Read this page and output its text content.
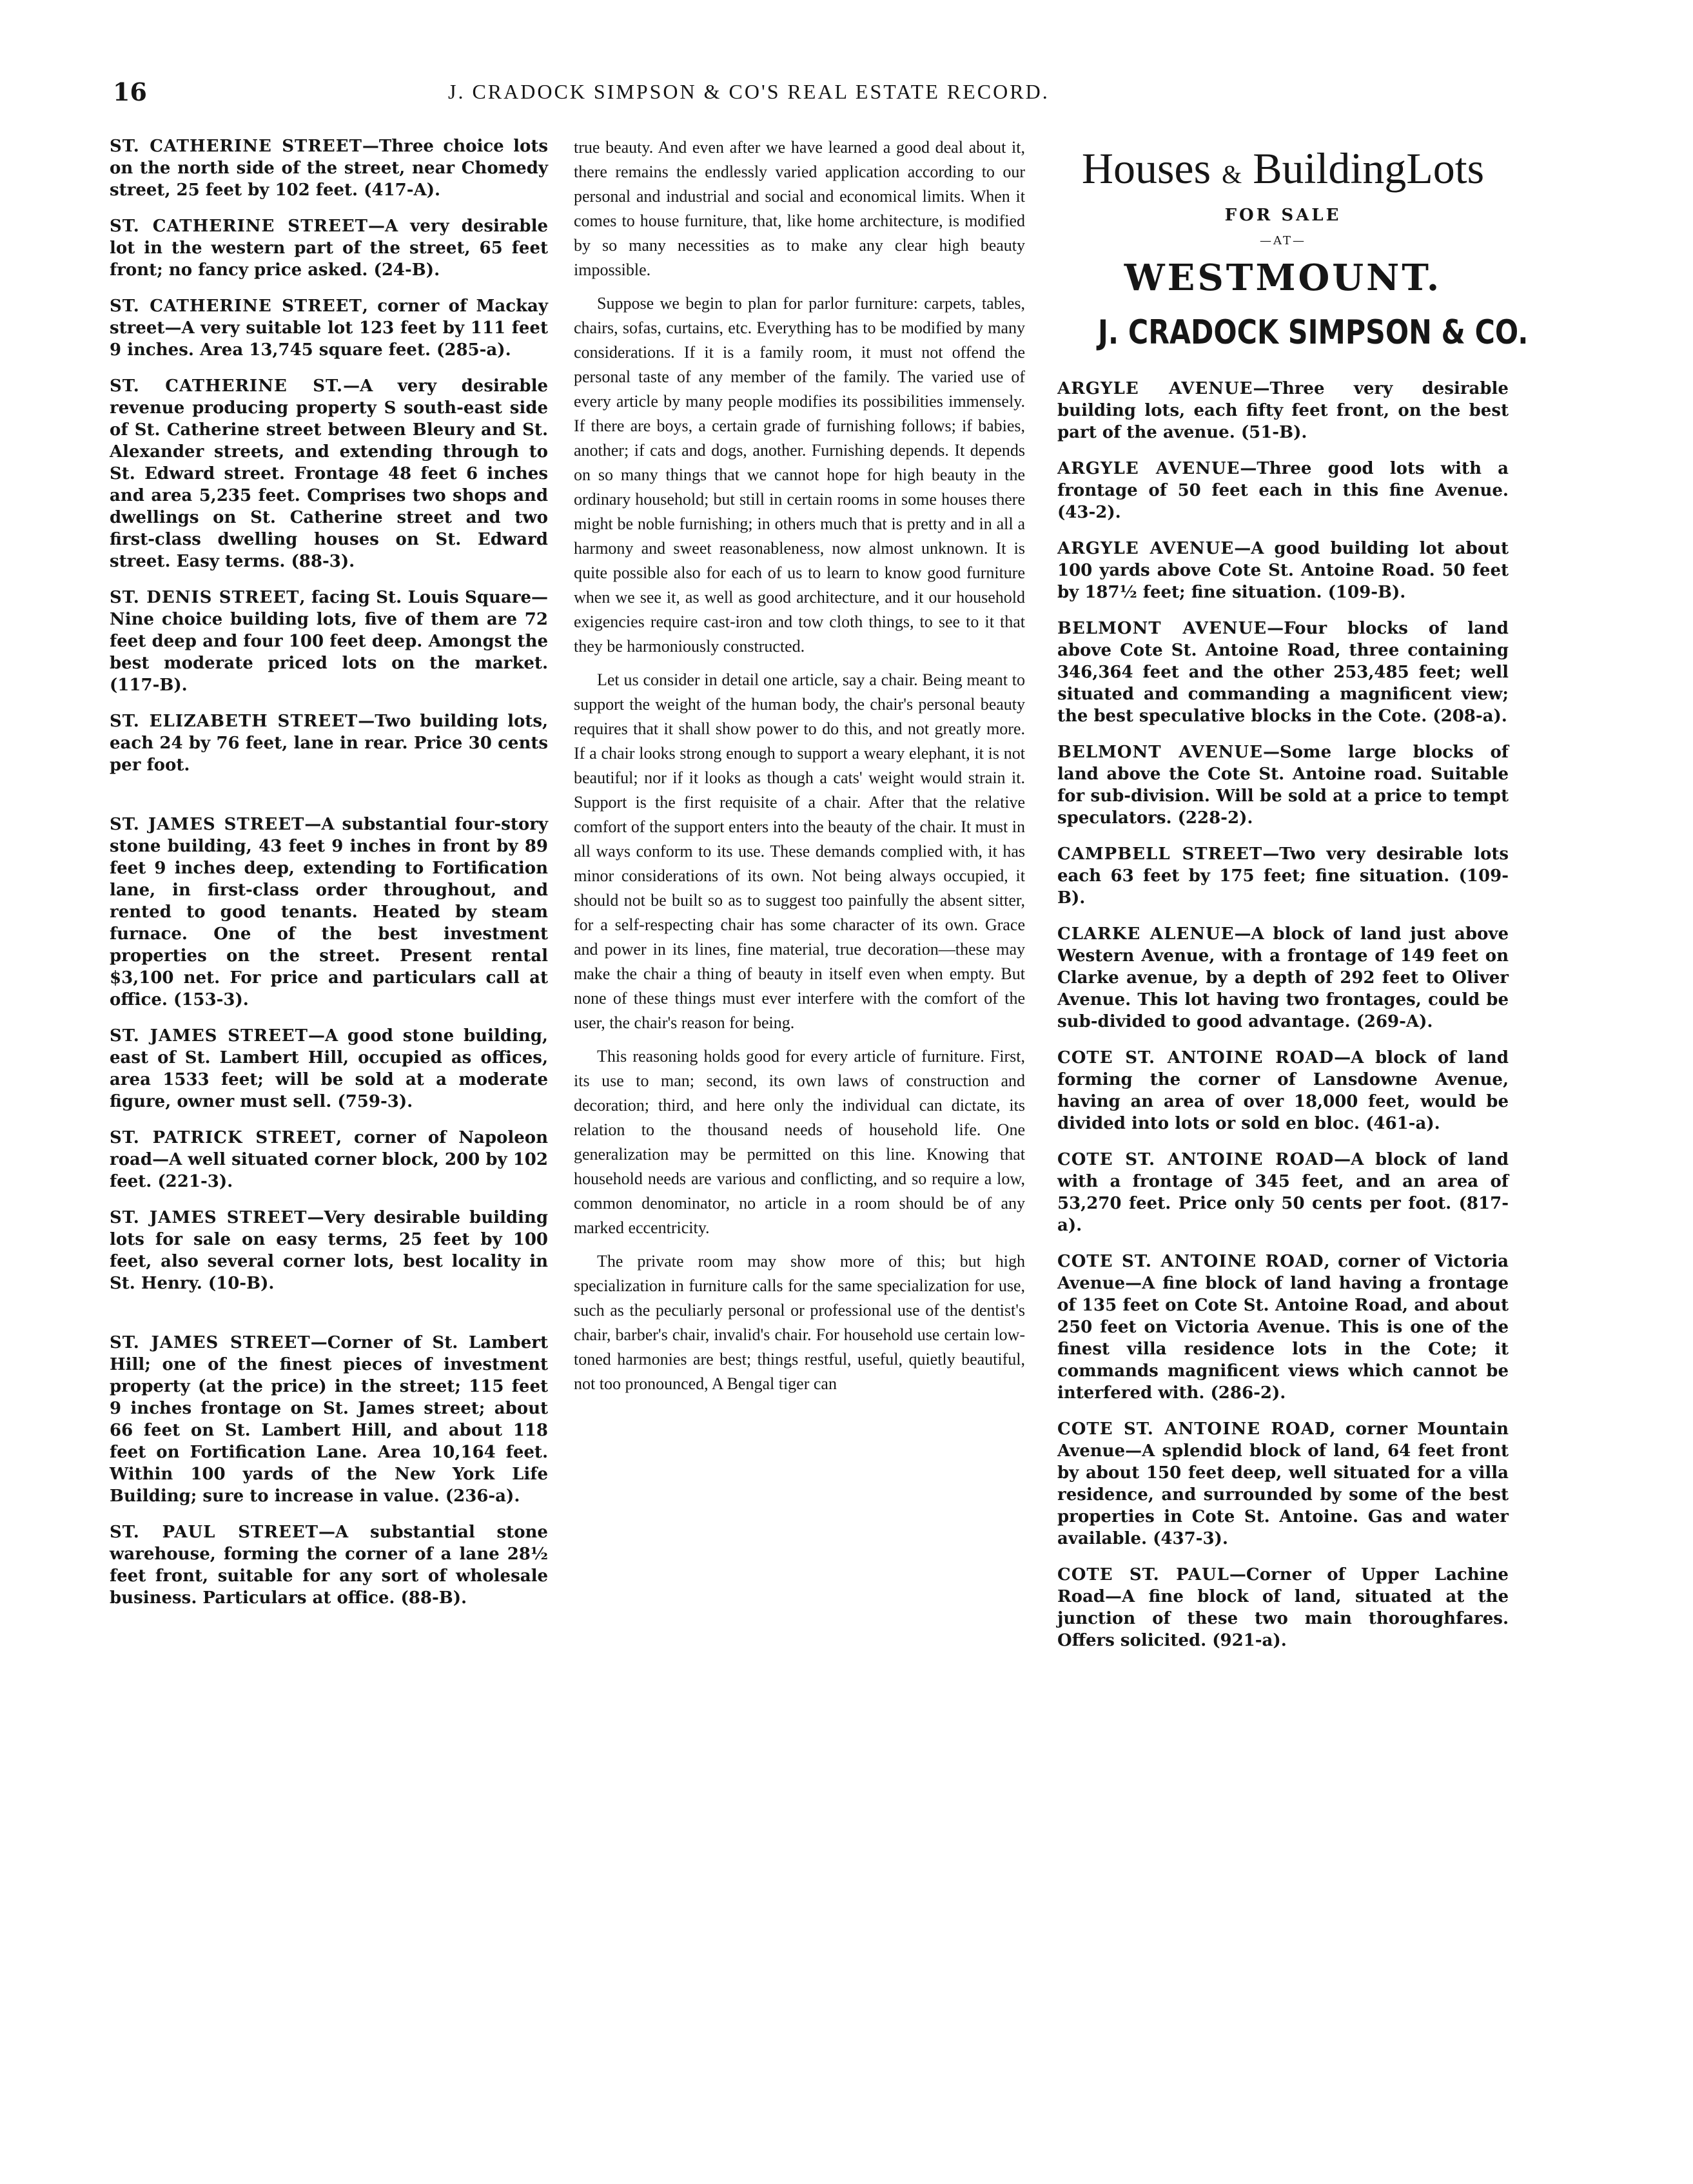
16	J. CRADOCK SIMPSON & CO'S REAL ESTATE RECORD.

ST. CATHERINE STREET—Three choice lots on the north side of the street, near Chomedy street, 25 feet by 102 feet. (417-A).

ST. CATHERINE STREET—A very desirable lot in the western part of the street, 65 feet front; no fancy price asked. (24-B).

ST. CATHERINE STREET, corner of Mackay street—A very suitable lot 123 feet by 111 feet 9 inches. Area 13,745 square feet. (285-a).

ST. CATHERINE ST.—A very desirable revenue producing property S south-east side of St. Catherine street between Bleury and St. Alexander streets, and extending through to St. Edward street. Frontage 48 feet 6 inches and area 5,235 feet. Comprises two shops and dwellings on St. Catherine street and two first-class dwelling houses on St. Edward street. Easy terms. (88-3).

ST. DENIS STREET, facing St. Louis Square—Nine choice building lots, five of them are 72 feet deep and four 100 feet deep. Amongst the best moderate priced lots on the market. (117-B).

ST. ELIZABETH STREET—Two building lots, each 24 by 76 feet, lane in rear. Price 30 cents per foot.

ST. JAMES STREET—A substantial four-story stone building, 43 feet 9 inches in front by 89 feet 9 inches deep, extending to Fortification lane, in first-class order throughout, and rented to good tenants. Heated by steam furnace. One of the best investment properties on the street. Present rental $3,100 net. For price and particulars call at office. (153-3).

ST. JAMES STREET—A good stone building, east of St. Lambert Hill, occupied as offices, area 1533 feet; will be sold at a moderate figure, owner must sell. (759-3).

ST. PATRICK STREET, corner of Napoleon road—A well situated corner block, 200 by 102 feet. (221-3).

ST. JAMES STREET—Very desirable building lots for sale on easy terms, 25 feet by 100 feet, also several corner lots, best locality in St. Henry. (10-B).

ST. JAMES STREET—Corner of St. Lambert Hill; one of the finest pieces of investment property (at the price) in the street; 115 feet 9 inches frontage on St. James street; about 66 feet on St. Lambert Hill, and about 118 feet on Fortification Lane. Area 10,164 feet. Within 100 yards of the New York Life Building; sure to increase in value. (236-a).

ST. PAUL STREET—A substantial stone warehouse, forming the corner of a lane 28½ feet front, suitable for any sort of wholesale business. Particulars at office. (88-B).

true beauty. And even after we have learned a good deal about it, there remains the endlessly varied application according to our personal and industrial and social and economical limits. When it comes to house furniture, that, like home architecture, is modified by so many necessities as to make any clear high beauty impossible.

Suppose we begin to plan for parlor furniture: carpets, tables, chairs, sofas, curtains, etc. Everything has to be modified by many considerations. If it is a family room, it must not offend the personal taste of any member of the family. The varied use of every article by many people modifies its possibilities immensely. If there are boys, a certain grade of furnishing follows; if babies, another; if cats and dogs, another. Furnishing depends. It depends on so many things that we cannot hope for high beauty in the ordinary household; but still in certain rooms in some houses there might be noble furnishing; in others much that is pretty and in all a harmony and sweet reasonableness, now almost unknown. It is quite possible also for each of us to learn to know good furniture when we see it, as well as good architecture, and it our household exigencies require cast-iron and tow cloth things, to see to it that they be harmoniously constructed.

Let us consider in detail one article, say a chair. Being meant to support the weight of the human body, the chair's personal beauty requires that it shall show power to do this, and not greatly more. If a chair looks strong enough to support a weary elephant, it is not beautiful; nor if it looks as though a cats' weight would strain it. Support is the first requisite of a chair. After that the relative comfort of the support enters into the beauty of the chair. It must in all ways conform to its use. These demands complied with, it has minor considerations of its own. Not being always occupied, it should not be built so as to suggest too painfully the absent sitter, for a self-respecting chair has some character of its own. Grace and power in its lines, fine material, true decoration—these may make the chair a thing of beauty in itself even when empty. But none of these things must ever interfere with the comfort of the user, the chair's reason for being.

This reasoning holds good for every article of furniture. First, its use to man; second, its own laws of construction and decoration; third, and here only the individual can dictate, its relation to the thousand needs of household life. One generalization may be permitted on this line. Knowing that household needs are various and conflicting, and so require a low, common denominator, no article in a room should be of any marked eccentricity.

The private room may show more of this; but high specialization in furniture calls for the same specialization for use, such as the peculiarly personal or professional use of the dentist's chair, barber's chair, invalid's chair. For household use certain low-toned harmonies are best; things restful, useful, quietly beautiful, not too pronounced, A Bengal tiger can

Houses & BuildingLots
FOR SALE
—AT—
WESTMOUNT.
J. CRADOCK SIMPSON & CO.

ARGYLE AVENUE—Three very desirable building lots, each fifty feet front, on the best part of the avenue. (51-B).

ARGYLE AVENUE—Three good lots with a frontage of 50 feet each in this fine Avenue. (43-2).

ARGYLE AVENUE—A good building lot about 100 yards above Cote St. Antoine Road. 50 feet by 187½ feet; fine situation. (109-B).

BELMONT AVENUE—Four blocks of land above Cote St. Antoine Road, three containing 346,364 feet and the other 253,485 feet; well situated and commanding a magnificent view; the best speculative blocks in the Cote. (208-a).

BELMONT AVENUE—Some large blocks of land above the Cote St. Antoine road. Suitable for sub-division. Will be sold at a price to tempt speculators. (228-2).

CAMPBELL STREET—Two very desirable lots each 63 feet by 175 feet; fine situation. (109-B).

CLARKE ALENUE—A block of land just above Western Avenue, with a frontage of 149 feet on Clarke avenue, by a depth of 292 feet to Oliver Avenue. This lot having two frontages, could be sub-divided to good advantage. (269-A).

COTE ST. ANTOINE ROAD—A block of land forming the corner of Lansdowne Avenue, having an area of over 18,000 feet, would be divided into lots or sold en bloc. (461-a).

COTE ST. ANTOINE ROAD—A block of land with a frontage of 345 feet, and an area of 53,270 feet. Price only 50 cents per foot. (817-a).

COTE ST. ANTOINE ROAD, corner of Victoria Avenue—A fine block of land having a frontage of 135 feet on Cote St. Antoine Road, and about 250 feet on Victoria Avenue. This is one of the finest villa residence lots in the Cote; it commands magnificent views which cannot be interfered with. (286-2).

COTE ST. ANTOINE ROAD, corner Mountain Avenue—A splendid block of land, 64 feet front by about 150 feet deep, well situated for a villa residence, and surrounded by some of the best properties in Cote St. Antoine. Gas and water available. (437-3).

COTE ST. PAUL—Corner of Upper Lachine Road—A fine block of land, situated at the junction of these two main thoroughfares. Offers solicited. (921-a).
